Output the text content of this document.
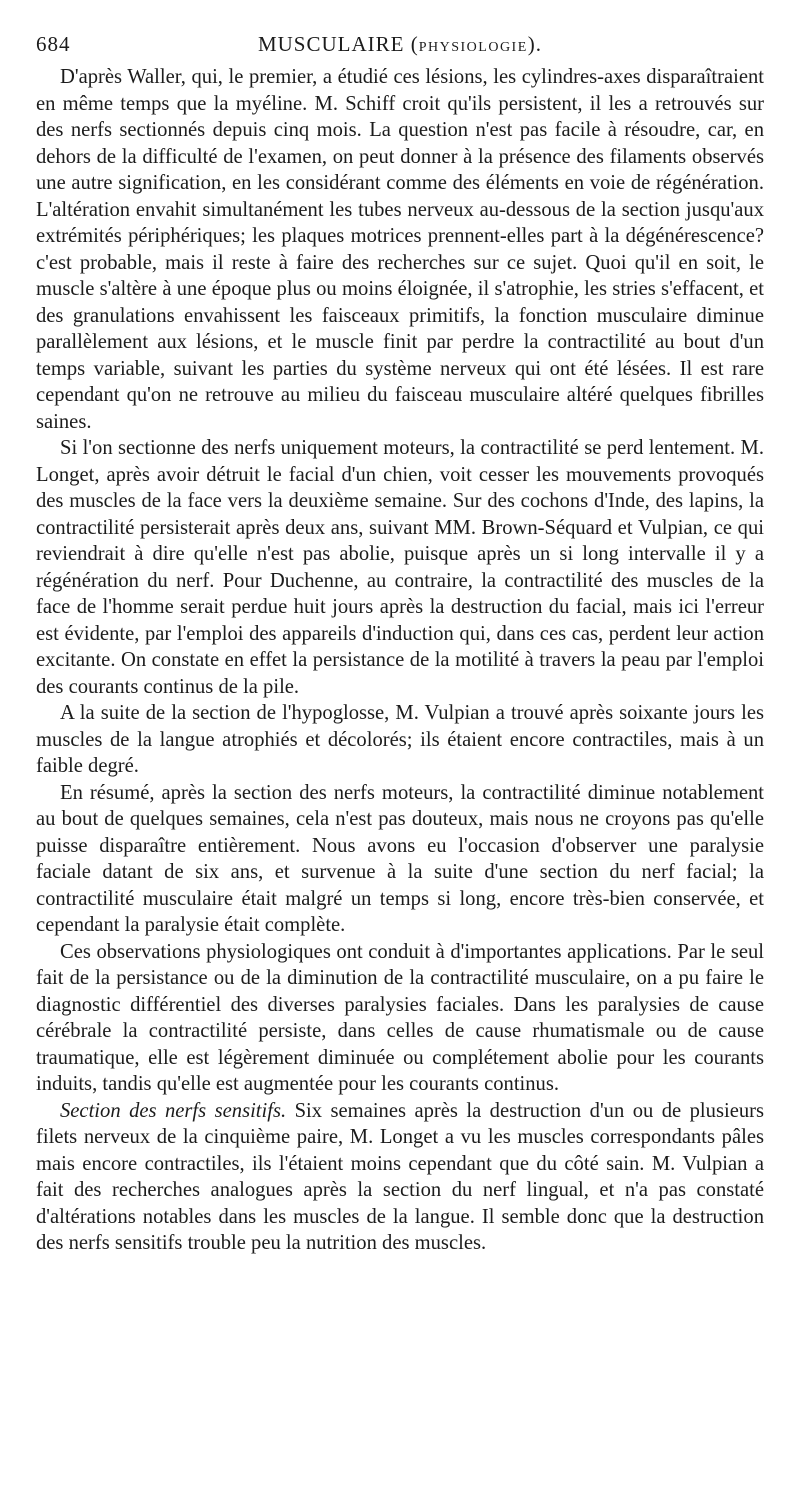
684	MUSCULAIRE (PHYSIOLOGIE).

D'après Waller, qui, le premier, a étudié ces lésions, les cylindres-axes disparaîtraient en même temps que la myéline. M. Schiff croit qu'ils persistent, il les a retrouvés sur des nerfs sectionnés depuis cinq mois. La question n'est pas facile à résoudre, car, en dehors de la difficulté de l'examen, on peut donner à la présence des filaments observés une autre signification, en les considérant comme des éléments en voie de régénération. L'altération envahit simultanément les tubes nerveux au-dessous de la section jusqu'aux extrémités périphériques; les plaques motrices prennent-elles part à la dégénérescence? c'est probable, mais il reste à faire des recherches sur ce sujet. Quoi qu'il en soit, le muscle s'altère à une époque plus ou moins éloignée, il s'atrophie, les stries s'effacent, et des granulations envahissent les faisceaux primitifs, la fonction musculaire diminue parallèlement aux lésions, et le muscle finit par perdre la contractilité au bout d'un temps variable, suivant les parties du système nerveux qui ont été lésées. Il est rare cependant qu'on ne retrouve au milieu du faisceau musculaire altéré quelques fibrilles saines.

Si l'on sectionne des nerfs uniquement moteurs, la contractilité se perd lentement. M. Longet, après avoir détruit le facial d'un chien, voit cesser les mouvements provoqués des muscles de la face vers la deuxième semaine. Sur des cochons d'Inde, des lapins, la contractilité persisterait après deux ans, suivant MM. Brown-Séquard et Vulpian, ce qui reviendrait à dire qu'elle n'est pas abolie, puisque après un si long intervalle il y a régénération du nerf. Pour Duchenne, au contraire, la contractilité des muscles de la face de l'homme serait perdue huit jours après la destruction du facial, mais ici l'erreur est évidente, par l'emploi des appareils d'induction qui, dans ces cas, perdent leur action excitante. On constate en effet la persistance de la motilité à travers la peau par l'emploi des courants continus de la pile.

A la suite de la section de l'hypoglosse, M. Vulpian a trouvé après soixante jours les muscles de la langue atrophiés et décolorés; ils étaient encore contractiles, mais à un faible degré.

En résumé, après la section des nerfs moteurs, la contractilité diminue notablement au bout de quelques semaines, cela n'est pas douteux, mais nous ne croyons pas qu'elle puisse disparaître entièrement. Nous avons eu l'occasion d'observer une paralysie faciale datant de six ans, et survenue à la suite d'une section du nerf facial; la contractilité musculaire était malgré un temps si long, encore très-bien conservée, et cependant la paralysie était complète.

Ces observations physiologiques ont conduit à d'importantes applications. Par le seul fait de la persistance ou de la diminution de la contractilité musculaire, on a pu faire le diagnostic différentiel des diverses paralysies faciales. Dans les paralysies de cause cérébrale la contractilité persiste, dans celles de cause rhumatismale ou de cause traumatique, elle est légèrement diminuée ou complétement abolie pour les courants induits, tandis qu'elle est augmentée pour les courants continus.

Section des nerfs sensitifs. Six semaines après la destruction d'un ou de plusieurs filets nerveux de la cinquième paire, M. Longet a vu les muscles correspondants pâles mais encore contractiles, ils l'étaient moins cependant que du côté sain. M. Vulpian a fait des recherches analogues après la section du nerf lingual, et n'a pas constaté d'altérations notables dans les muscles de la langue. Il semble donc que la destruction des nerfs sensitifs trouble peu la nutrition des muscles.
